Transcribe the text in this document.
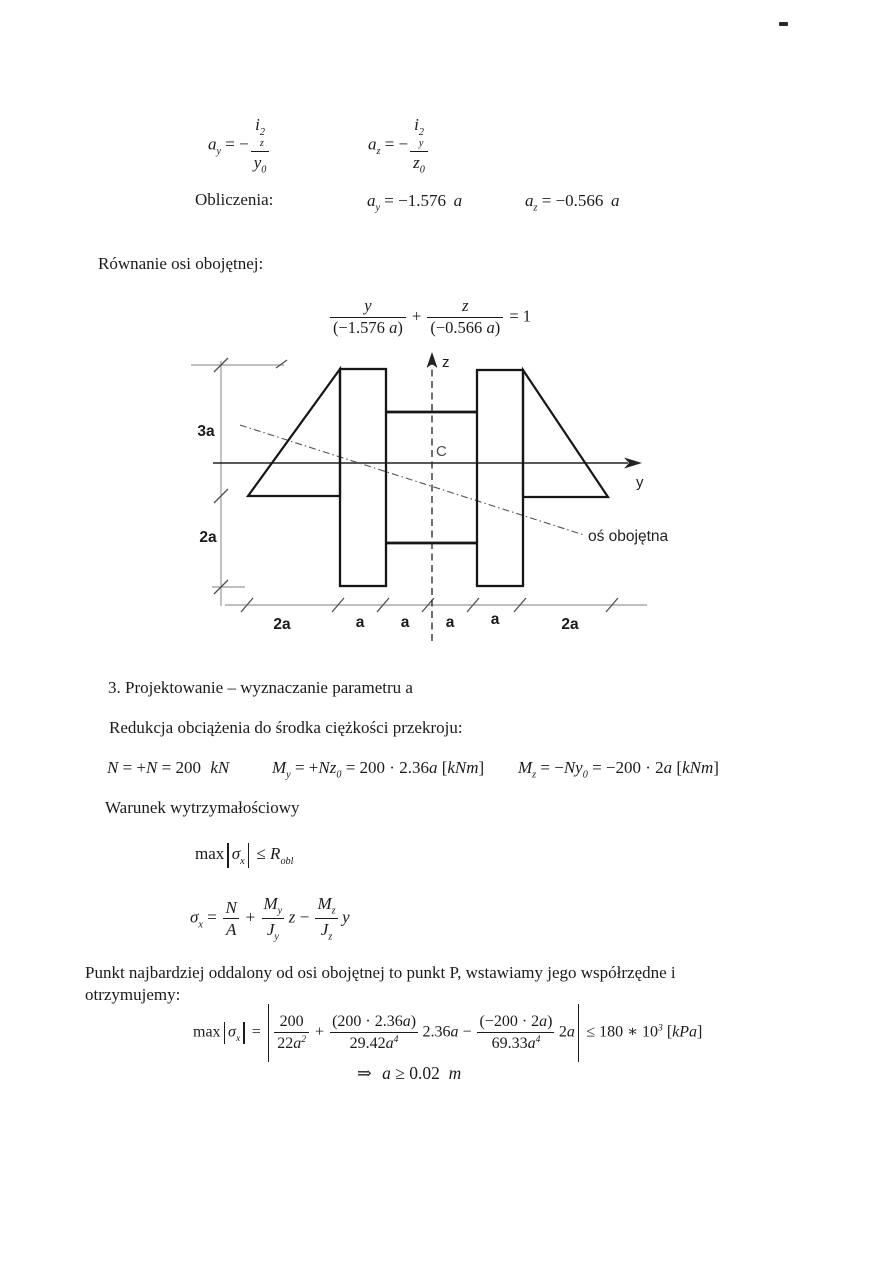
$a_y$ = − i 2
z
$y_0$	$a_z$ = − i 2
y
$z_0$
Obliczenia:	$a_y = -1.576$ a	$a_z = -0.566$ a
Równanie osi obojętnej:
$\frac{y}{(-1.576 a)} + \frac{z}{(-0.566 a)} = 1$
3a
2a
2a	a a a a	2a
z
y
C
oś obojętna
3. Projektowanie – wyznaczanie parametru a
Redukcja obciążenia do środka ciężkości przekroju:
N = +N = 200 kN	$M_y = +Nz_0 = 200 \cdot 2.36a$ [kNm] $M_z = -Ny_0 = -200 \cdot 2a$ [kNm]
Warunek wytrzymałościowy
$\max \sigma_x \le R_{obl}$
$\sigma_x = \frac{N}{A} + \frac{M_y}{J_y}$ $z - \frac{M_z}{J_z}$ y
Punkt najbardziej oddalony od osi obojętnej to punkt P, wstawiamy jego współrzędne i
otrzymujemy:
$\max \sigma_x = \frac{200}{22a^2} + \frac{(200 \cdot 2.36a)}{29.42a^4} 2.36a - \frac{(-200 \cdot 2a)}{69.33a^4} 2a \le 180$ ∗ $10^3$ [kPa]
⇒ a ≥ 0.02 m
